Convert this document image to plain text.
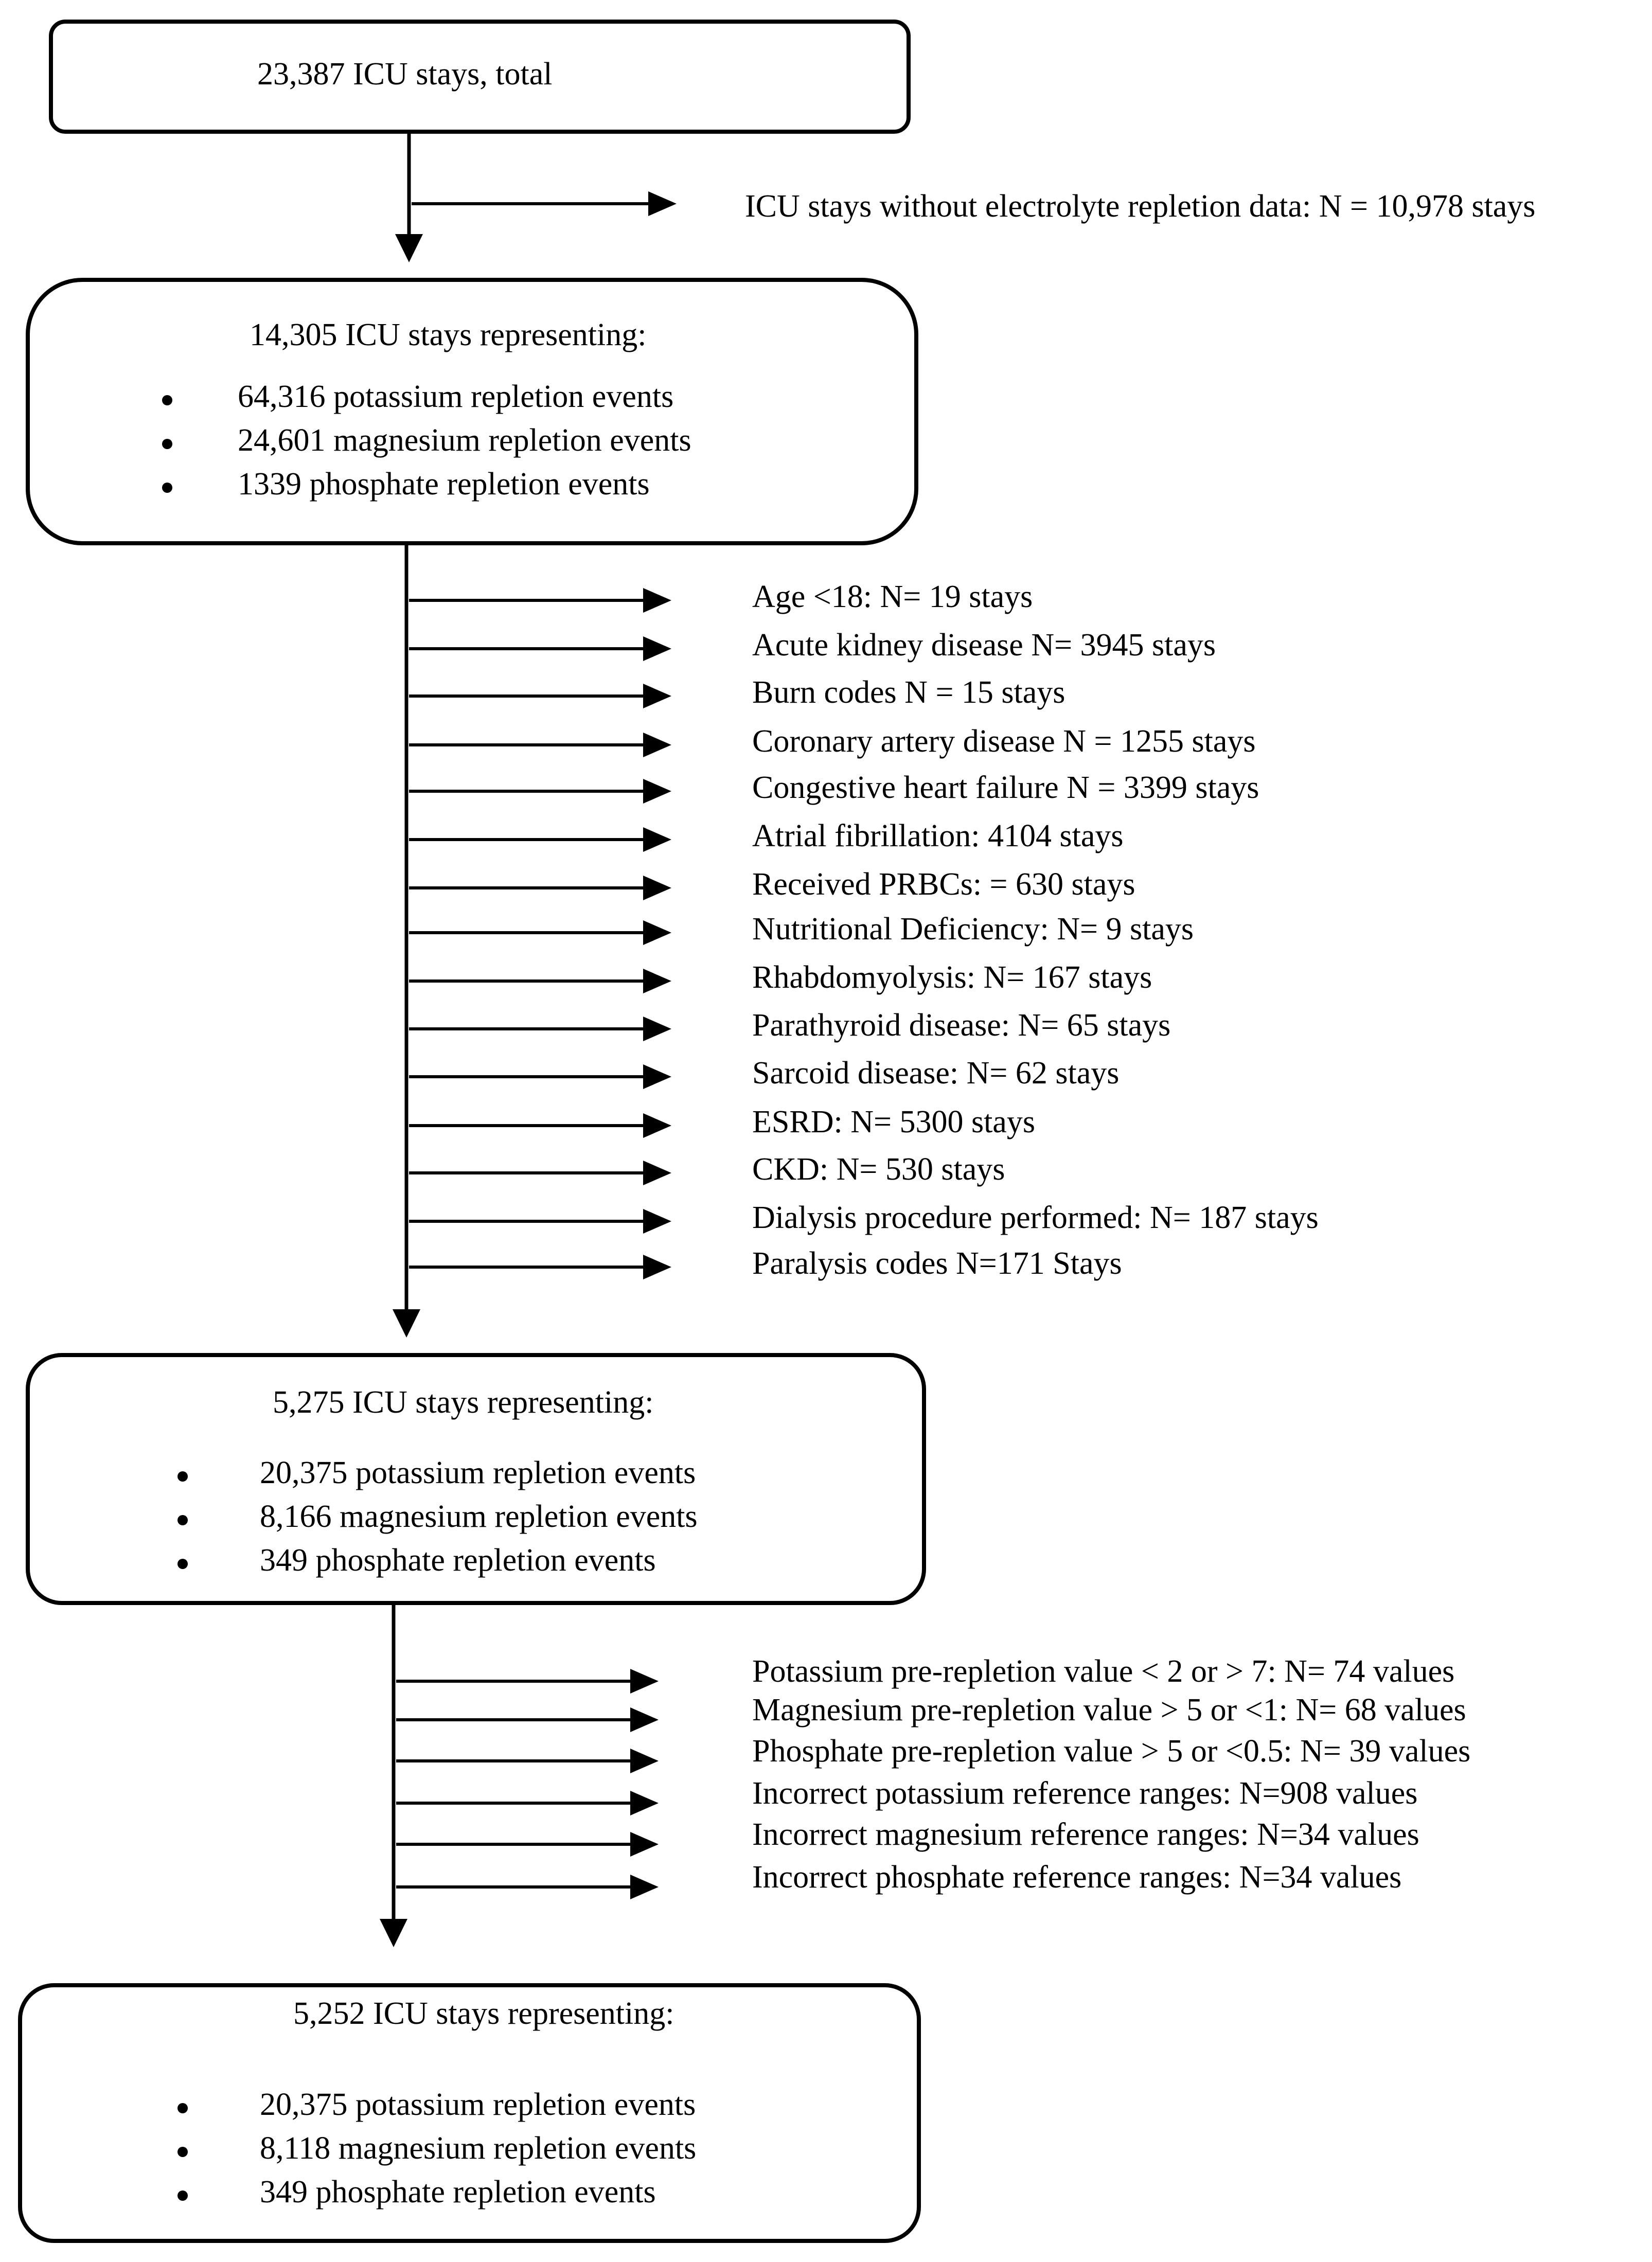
23,387 ICU stays, total
ICU stays without electrolyte repletion data: N = 10,978 stays
14,305 ICU stays representing:
64,316 potassium repletion events
24,601 magnesium repletion events
1339 phosphate repletion events
Age <18: N= 19 stays
Acute kidney disease N= 3945 stays
Burn codes N = 15 stays
Coronary artery disease N = 1255 stays
Congestive heart failure N = 3399 stays
Atrial fibrillation: 4104 stays
Received PRBCs: = 630 stays
Nutritional Deficiency: N= 9 stays
Rhabdomyolysis: N= 167 stays
Parathyroid disease: N= 65 stays
Sarcoid disease: N= 62 stays
ESRD: N= 5300 stays
CKD: N= 530 stays
Dialysis procedure performed: N= 187 stays
Paralysis codes N=171 Stays
5,275 ICU stays representing:
20,375 potassium repletion events
8,166 magnesium repletion events
349 phosphate repletion events
Potassium pre-repletion value < 2 or > 7: N= 74 values
Magnesium pre-repletion value > 5 or <1: N= 68 values
Phosphate pre-repletion value > 5 or <0.5: N= 39 values
Incorrect potassium reference ranges: N=908 values
Incorrect magnesium reference ranges: N=34 values
Incorrect phosphate reference ranges: N=34 values
5,252 ICU stays representing:
20,375 potassium repletion events
8,118 magnesium repletion events
349 phosphate repletion events
